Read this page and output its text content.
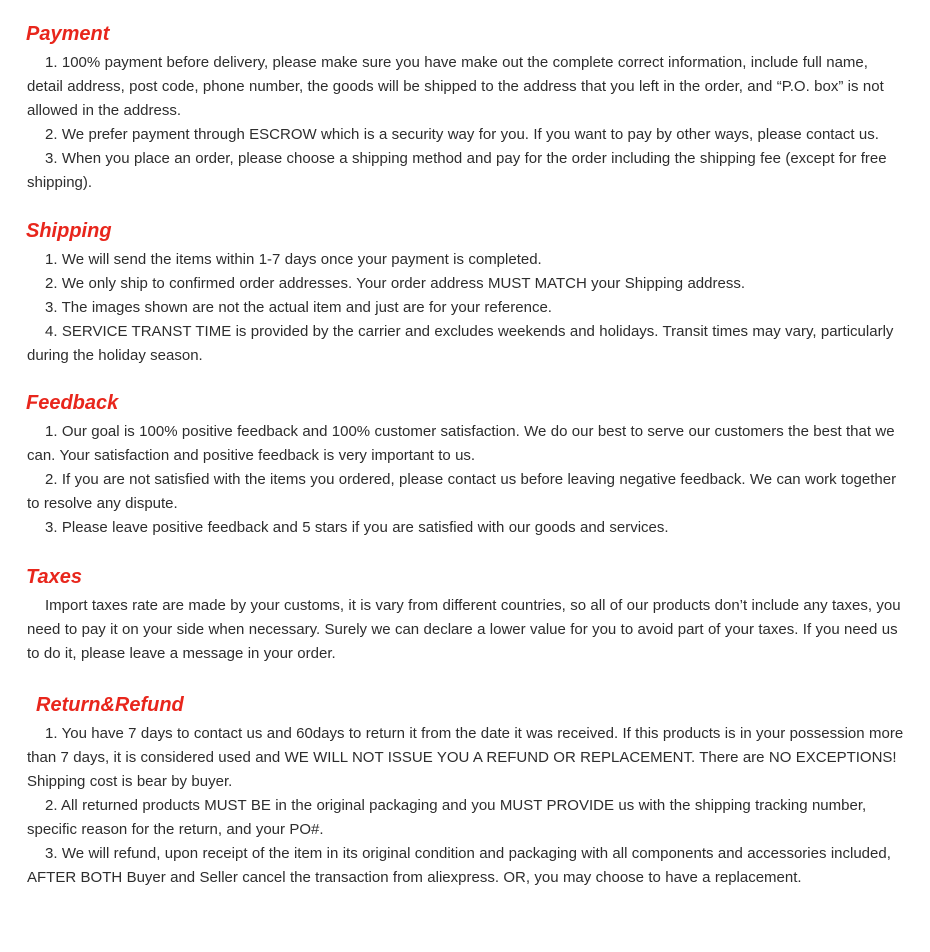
Payment

1. 100% payment before delivery, please make sure you have make out the complete correct information, include full name, detail address, post code, phone number, the goods will be shipped to the address that you left in the order, and “P.O. box” is not allowed in the address.

2. We prefer payment through ESCROW which is a security way for you. If you want to pay by other ways, please contact us.

3. When you place an order, please choose a shipping method and pay for the order including the shipping fee (except for free shipping).

Shipping

1. We will send the items within 1-7 days once your payment is completed.

2. We only ship to confirmed order addresses. Your order address MUST MATCH your Shipping address.

3. The images shown are not the actual item and just are for your reference.

4. SERVICE TRANST TIME is provided by the carrier and excludes weekends and holidays. Transit times may vary, particularly during the holiday season.

Feedback

1. Our goal is 100% positive feedback and 100% customer satisfaction. We do our best to serve our customers the best that we can. Your satisfaction and positive feedback is very important to us.

2. If you are not satisfied with the items you ordered, please contact us before leaving negative feedback. We can work together to resolve any dispute.

3. Please leave positive feedback and 5 stars if you are satisfied with our goods and services.

Taxes

Import taxes rate are made by your customs, it is vary from different countries, so all of our products don’t include any taxes, you need to pay it on your side when necessary. Surely we can declare a lower value for you to avoid part of your taxes. If you need us to do it, please leave a message in your order.

Return&Refund

1. You have 7 days to contact us and 60days to return it from the date it was received. If this products is in your possession more than 7 days, it is considered used and WE WILL NOT ISSUE YOU A REFUND OR REPLACEMENT. There are NO EXCEPTIONS! Shipping cost is bear by buyer.

2. All returned products MUST BE in the original packaging and you MUST PROVIDE us with the shipping tracking number, specific reason for the return, and your PO#.

3. We will refund, upon receipt of the item in its original condition and packaging with all components and accessories included, AFTER BOTH Buyer and Seller cancel the transaction from aliexpress. OR, you may choose to have a replacement.
